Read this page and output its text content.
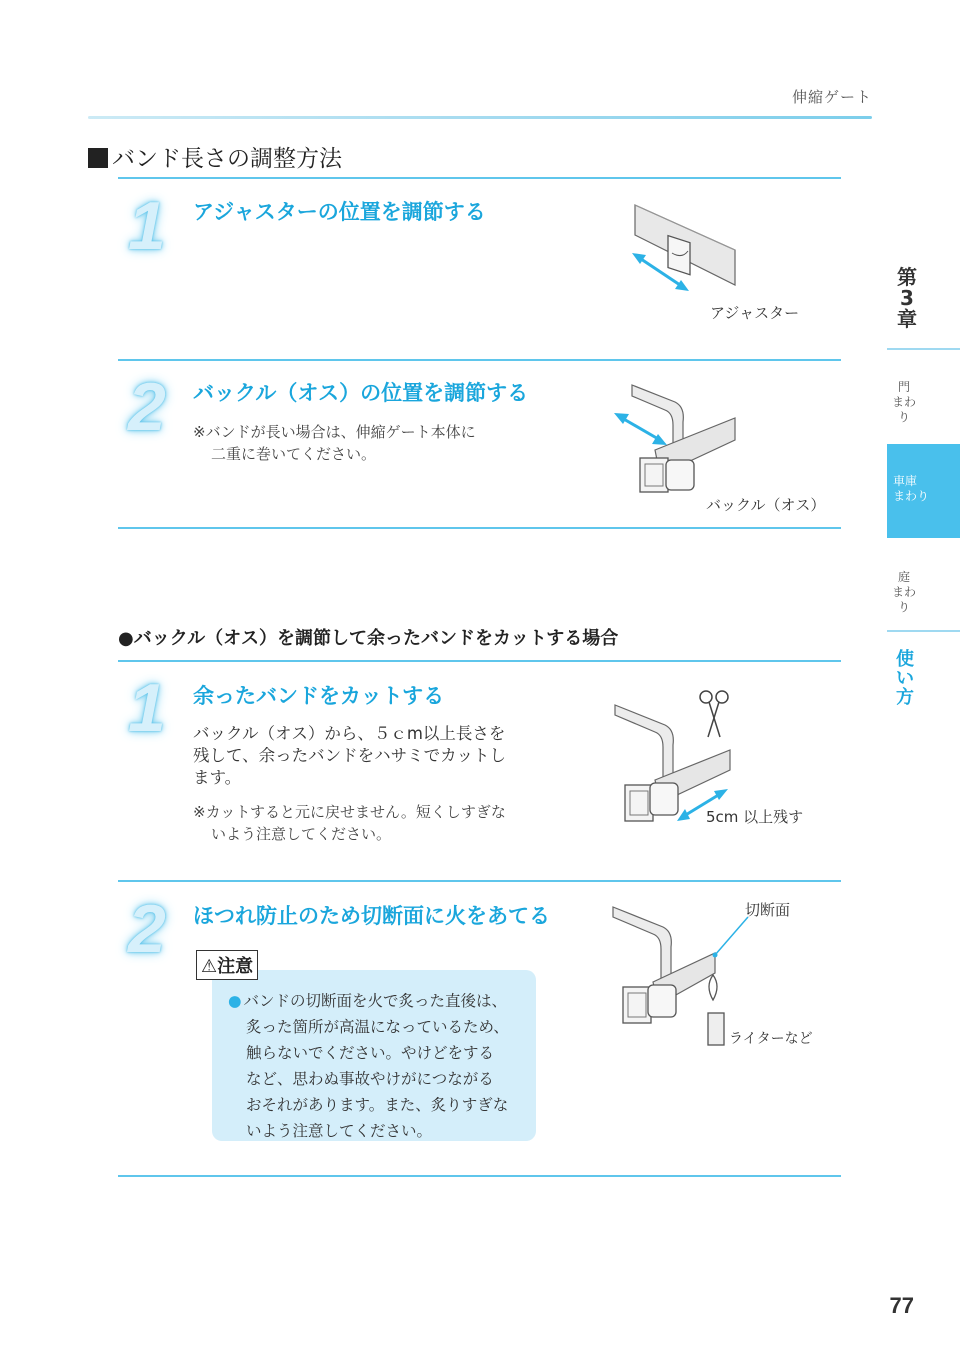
伸縮ゲート
バンド長さの調整方法
1 アジャスターの位置を調節する
アジャスター
2 バックル（オス）の位置を調節する
※バンドが長い場合は、伸縮ゲート本体に
二重に巻いてください。
バックル（オス）
●バックル（オス）を調節して余ったバンドをカットする場合
1 余ったバンドをカットする
バックル（オス）から、５ｃm以上長さを
残して、余ったバンドをハサミでカットし
ます。
※カットすると元に戻せません。短くしすぎな
いよう注意してください。
5cm 以上残す
2 ほつれ防止のため切断面に火をあてる
⚠注意
● バンドの切断面を火で炙った直後は、
炙った箇所が高温になっているため、
触らないでください。やけどをする
など、思わぬ事故やけがにつながる
おそれがあります。また、炙りすぎな
いよう注意してください。
切断面
ライターなど
第
3
章
門
まわり
車庫
まわり
庭
まわり
使
い
方
77
